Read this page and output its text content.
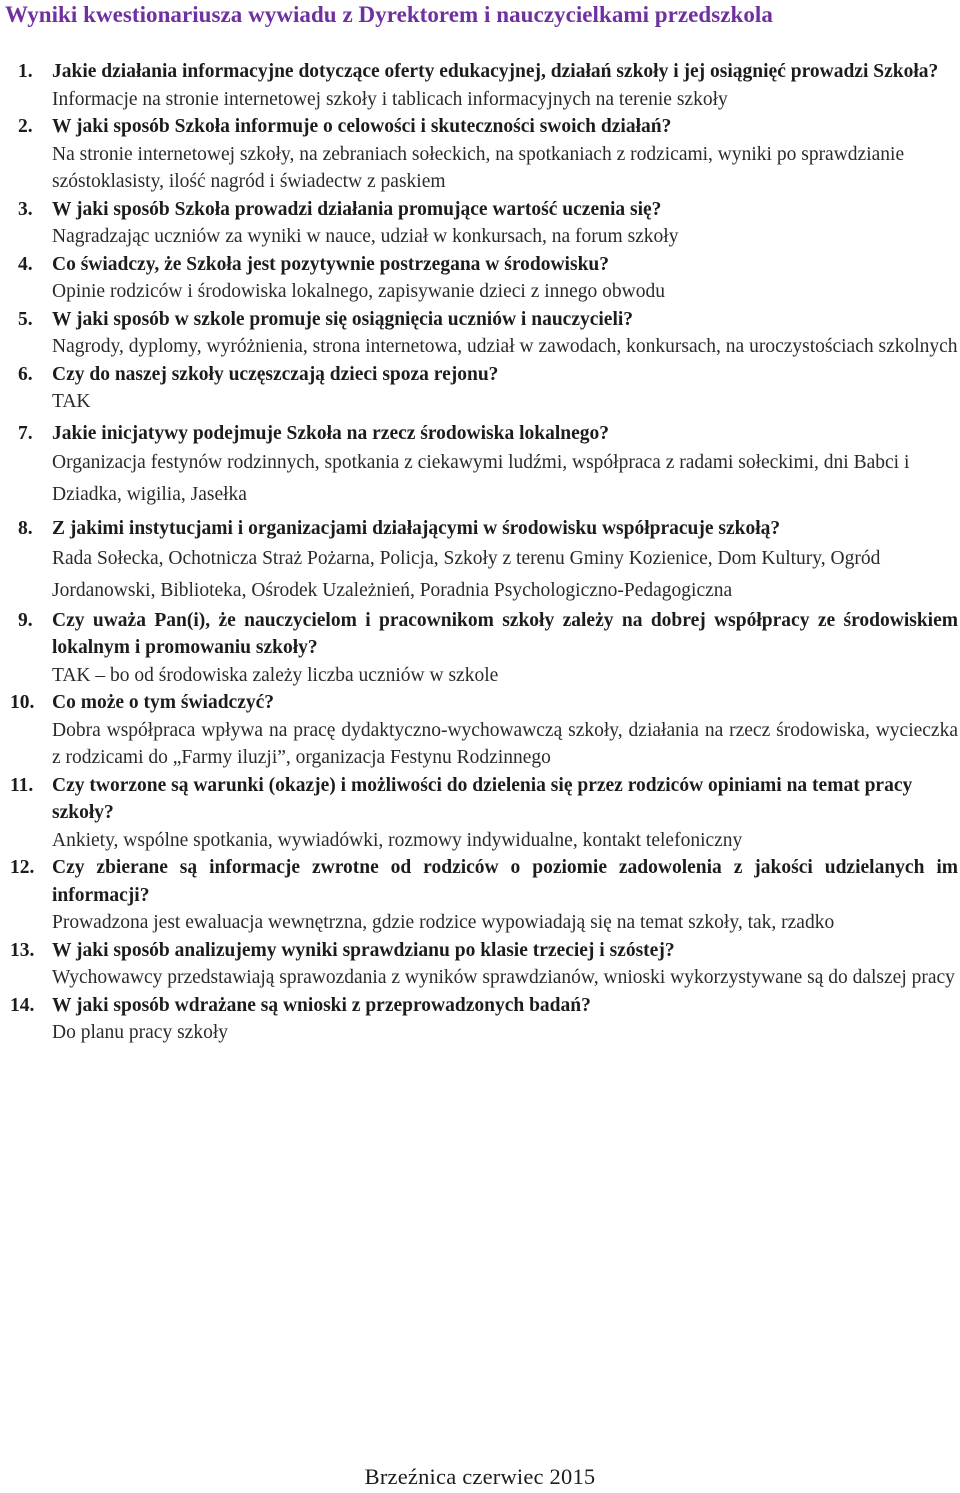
Wyniki kwestionariusza wywiadu z Dyrektorem i nauczycielkami przedszkola
1. Jakie działania informacyjne dotyczące oferty edukacyjnej, działań szkoły i jej osiągnięć prowadzi Szkoła?
Informacje na stronie internetowej szkoły i tablicach informacyjnych na terenie szkoły
2. W jaki sposób Szkoła informuje o celowości i skuteczności swoich działań?
Na stronie internetowej szkoły, na zebraniach sołeckich, na spotkaniach z rodzicami, wyniki po sprawdzianie szóstoklasisty, ilość nagród i świadectw z paskiem
3. W jaki sposób Szkoła prowadzi działania promujące wartość uczenia się?
Nagradzając uczniów za wyniki w nauce, udział w konkursach, na forum szkoły
4. Co świadczy, że Szkoła jest pozytywnie postrzegana w środowisku?
Opinie rodziców i środowiska lokalnego, zapisywanie dzieci z innego obwodu
5. W jaki sposób w szkole promuje się osiągnięcia uczniów i nauczycieli?
Nagrody, dyplomy, wyróżnienia, strona internetowa, udział w zawodach, konkursach, na uroczystościach szkolnych
6. Czy do naszej szkoły uczęszczają dzieci spoza rejonu?
TAK
7. Jakie inicjatywy podejmuje Szkoła na rzecz środowiska lokalnego?
Organizacja festynów rodzinnych, spotkania z ciekawymi ludźmi, współpraca z radami sołeckimi, dni Babci i Dziadka, wigilia, Jasełka
8. Z jakimi instytucjami i organizacjami działającymi w środowisku współpracuje szkołą?
Rada Sołecka, Ochotnicza Straż Pożarna, Policja, Szkoły z terenu Gminy Kozienice, Dom Kultury, Ogród Jordanowski, Biblioteka, Ośrodek Uzależnień, Poradnia Psychologiczno-Pedagogiczna
9. Czy uważa Pan(i), że nauczycielom i pracownikom szkoły zależy na dobrej współpracy ze środowiskiem lokalnym i promowaniu szkoły?
TAK – bo od środowiska zależy liczba uczniów w szkole
10. Co może o tym świadczyć?
Dobra współpraca wpływa na pracę dydaktyczno-wychowawczą szkoły, działania na rzecz środowiska, wycieczka z rodzicami do „Farmy iluzji”, organizacja Festynu Rodzinnego
11. Czy tworzone są warunki (okazje) i możliwości do dzielenia się przez rodziców opiniami na temat pracy szkoły?
Ankiety, wspólne spotkania, wywiadówki, rozmowy indywidualne, kontakt telefoniczny
12. Czy zbierane są informacje zwrotne od rodziców o poziomie zadowolenia z jakości udzielanych im informacji?
Prowadzona jest ewaluacja wewnętrzna, gdzie rodzice wypowiadają się na temat szkoły, tak, rzadko
13. W jaki sposób analizujemy wyniki sprawdzianu po klasie trzeciej i szóstej?
Wychowawcy przedstawiają sprawozdania z wyników sprawdzianów, wnioski wykorzystywane są do dalszej pracy
14. W jaki sposób wdrażane są wnioski z przeprowadzonych badań?
Do planu pracy szkoły
Brzeźnica czerwiec 2015
